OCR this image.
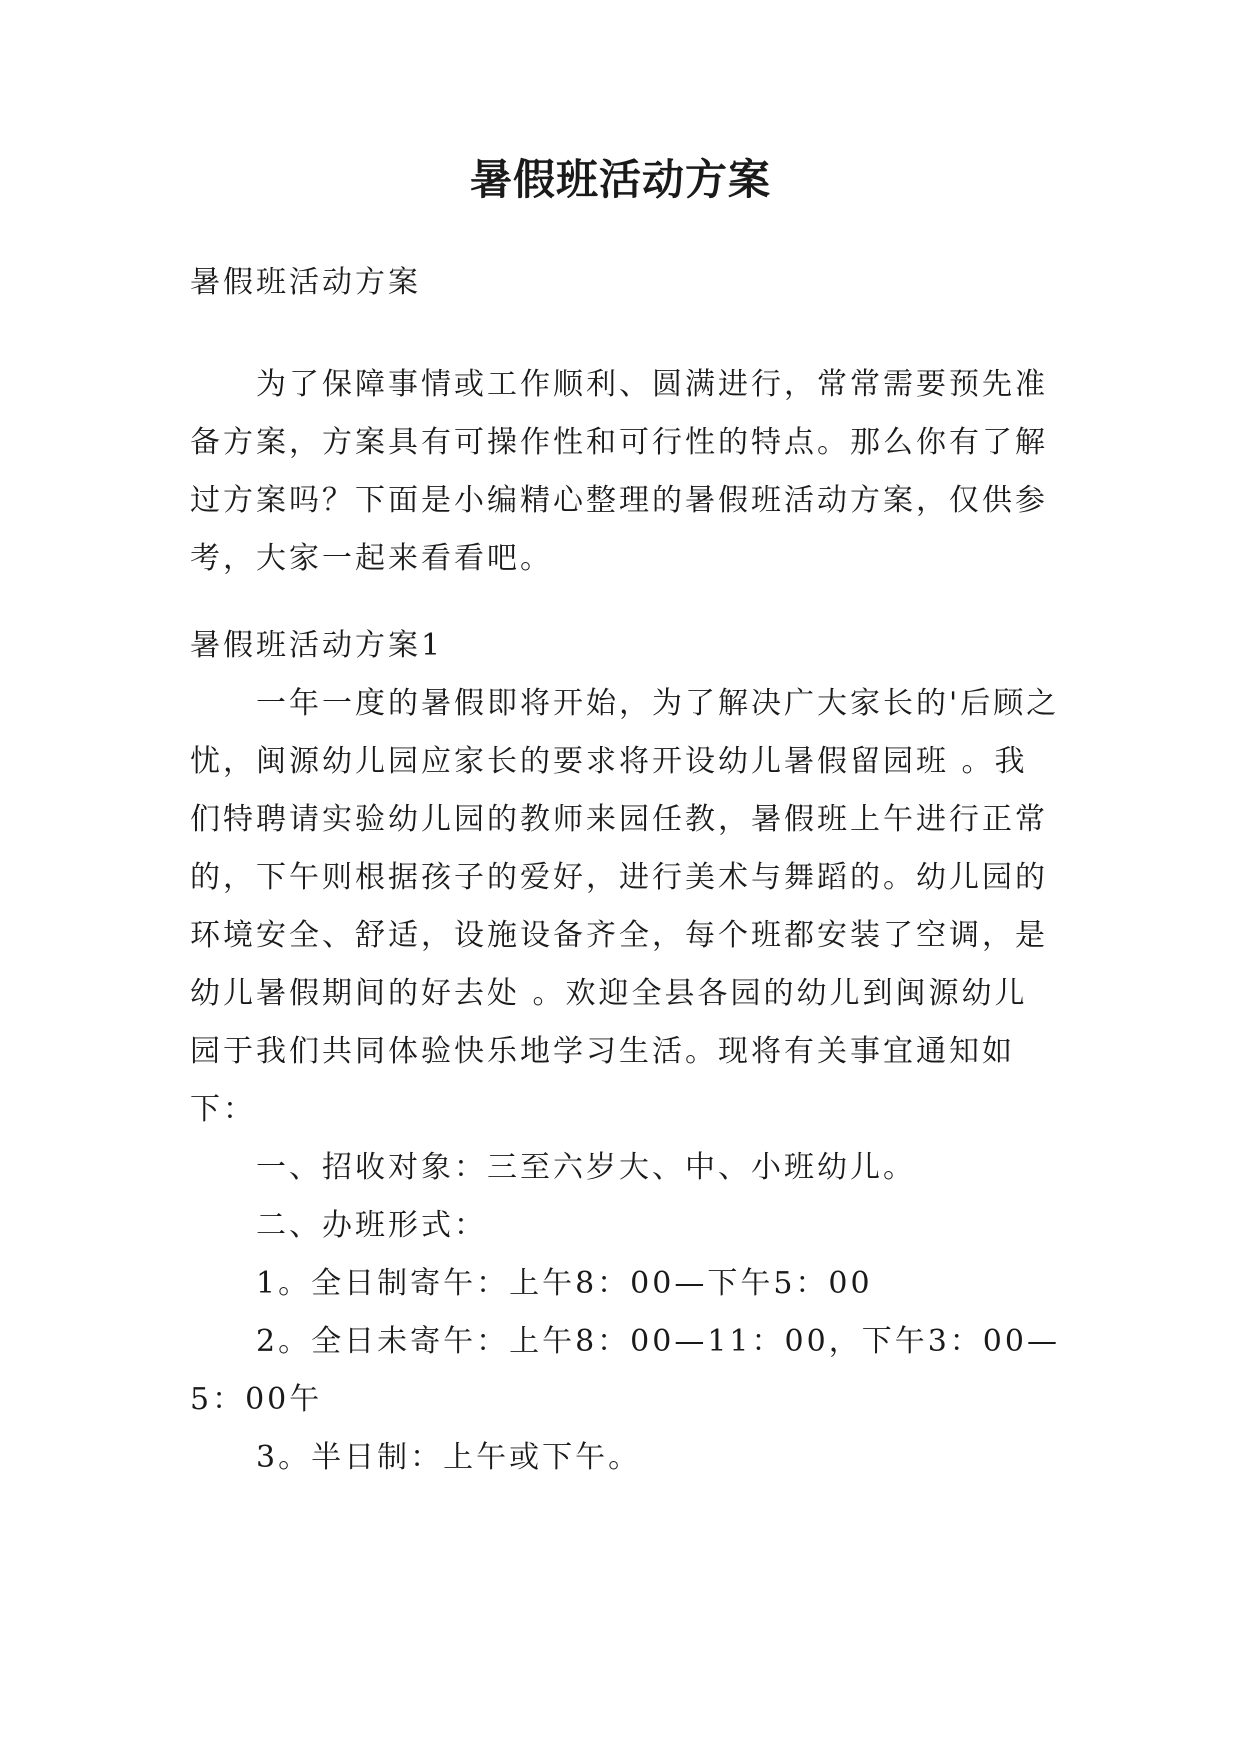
暑假班活动方案

暑假班活动方案

为了保障事情或工作顺利、圆满进行，常常需要预先准备方案，方案具有可操作性和可行性的特点。那么你有了解过方案吗？下面是小编精心整理的暑假班活动方案，仅供参考，大家一起来看看吧。

暑假班活动方案1

一年一度的暑假即将开始，为了解决广大家长的'后顾之忧，闽源幼儿园应家长的要求将开设幼儿暑假留园班 。我们特聘请实验幼儿园的教师来园任教，暑假班上午进行正常的，下午则根据孩子的爱好，进行美术与舞蹈的。幼儿园的环境安全、舒适，设施设备齐全，每个班都安装了空调，是幼儿暑假期间的好去处 。欢迎全县各园的幼儿到闽源幼儿园于我们共同体验快乐地学习生活。现将有关事宜通知如下：

一、招收对象：三至六岁大、中、小班幼儿。

二、办班形式：

1。全日制寄午：上午8：00—下午5：00

2。全日未寄午：上午8：00—11：00，下午3：00—5：00午

3。半日制：上午或下午。
